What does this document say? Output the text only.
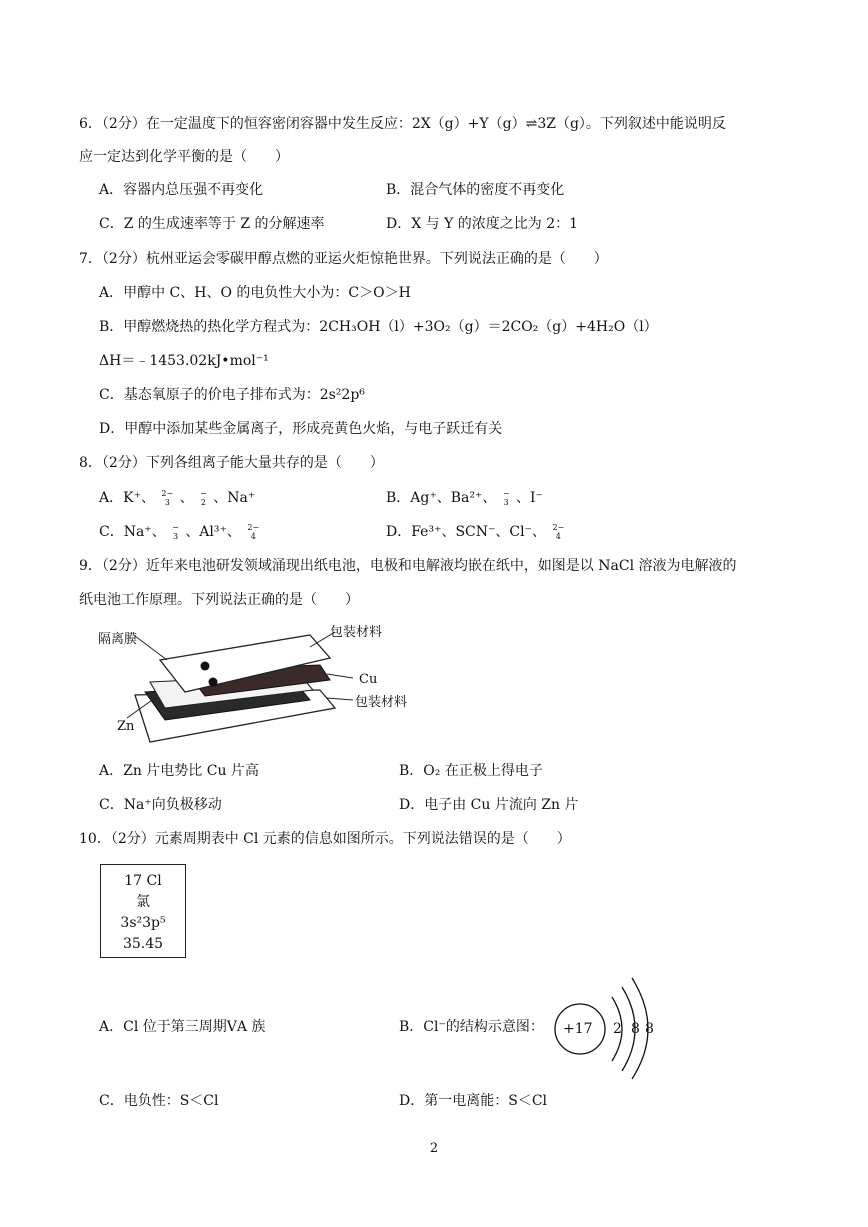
6．（2分）在一定温度下的恒容密闭容器中发生反应：2X（g）+Y（g）⇌3Z（g）。下列叙述中能说明反
应一定达到化学平衡的是（　　）
A．容器内总压强不再变化	B．混合气体的密度不再变化
C．Z 的生成速率等于 Z 的分解速率	D．X 与 Y 的浓度之比为 2：1
7．（2分）杭州亚运会零碳甲醇点燃的亚运火炬惊艳世界。下列说法正确的是（　　）
A．甲醇中 C、H、O 的电负性大小为：C＞O＞H
B．甲醇燃烧热的热化学方程式为：2CH₃OH（l）+3O₂（g）＝2CO₂（g）+4H₂O（l）
ΔH＝﹣1453.02kJ•mol⁻¹
C．基态氧原子的价电子排布式为：2s²2p⁶
D．甲醇中添加某些金属离子，形成亮黄色火焰，与电子跃迁有关
8．（2分）下列各组离子能大量共存的是（　　）
A．K⁺、 2−
3 、 −
2 、Na⁺	B．Ag⁺、Ba²⁺、 −
3 、I⁻
C．Na⁺、 −
3 、Al³⁺、 2−
4	D．Fe³⁺、SCN⁻、Cl⁻、 2−
4
9．（2分）近年来电池研发领域涌现出纸电池，电极和电解液均嵌在纸中，如图是以 NaCl 溶液为电解液的
纸电池工作原理。下列说法正确的是（　　）
隔离膜	包装材料
Cu
包装材料
Zn
A．Zn 片电势比 Cu 片高	B．O₂ 在正极上得电子
C．Na⁺向负极移动	D．电子由 Cu 片流向 Zn 片
10．（2分）元素周期表中 Cl 元素的信息如图所示。下列说法错误的是（　　）
17 Cl
氯
3s²3p⁵
35.45
A．Cl 位于第三周期ⅤA 族	B．Cl⁻的结构示意图： +17 2 8 8
C．电负性：S＜Cl	D．第一电离能：S＜Cl
2
